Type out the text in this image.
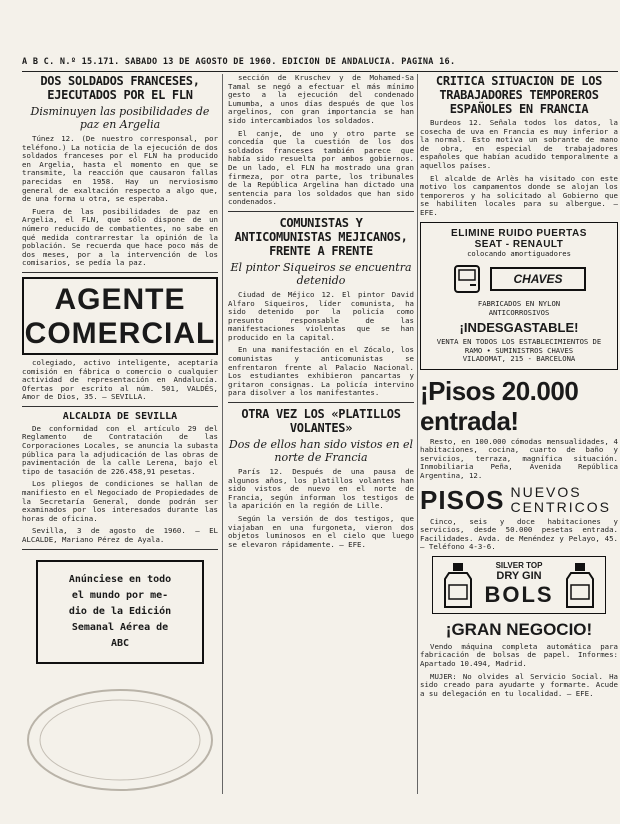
A B C. N.º 15.171. SABADO 13 DE AGOSTO DE 1960. EDICION DE ANDALUCIA. PAGINA 16.
DOS SOLDADOS FRANCESES, EJECUTADOS POR EL FLN
Disminuyen las posibilidades de paz en Argelia

Túnez 12. (De nuestro corresponsal, por teléfono.) La noticia de la ejecución de dos soldados franceses por el FLN ha producido en Argelia, hasta el momento en que se transmite, la reacción que causaron fallas parecidas en 1958. Hay un nerviosismo general de exaltación respecto a algo que, de una forma u otra, se esperaba.

Fuera de las posibilidades de paz en Argelia, el FLN, que sólo dispone de un número reducido de combatientes, no sabe en qué medida contrarrestar la opinión de la población. Se recuerda que hace poco más de dos meses, por a la intervención de los comisarios, se pedía la paz.

AGENTE
COMERCIAL

colegiado, activo inteligente, aceptaría comisión en fábrica o comercio o cualquier actividad de representación en Andalucía. Ofertas por escrito al núm. 501, VALDÉS, Amor de Dios, 35. — SEVILLA.

ALCALDIA DE SEVILLA

De conformidad con el artículo 29 del Reglamento de Contratación de las Corporaciones Locales, se anuncia la subasta pública para la adjudicación de las obras de pavimentación de la calle Lerena, bajo el tipo de tasación de 226.458,91 pesetas.

Los pliegos de condiciones se hallan de manifiesto en el Negociado de Propiedades de la Secretaría General, donde podrán ser examinados por los interesados durante las horas de oficina.

Sevilla, 3 de agosto de 1960. — EL ALCALDE, Mariano Pérez de Ayala.

Anúnciese en todo
el mundo por me-
dio de la Edición
Semanal Aérea de
ABC

sección de Kruschev y de Mohamed-Sa Tamal se negó a efectuar el más mínimo gesto a la ejecución del condenado Lumumba, a unos días después de que los argelinos, con gran importancia se han sido intercambiados los soldados.

El canje, de uno y otro parte se concedía que la cuestión de los dos soldados franceses también parece que había sido resuelta por ambos gobiernos. De un lado, el FLN ha mostrado una gran firmeza, por otra parte, los tribunales de la República Argelina han dictado una sentencia para los soldados que han sido condenados.

COMUNISTAS Y ANTICOMUNISTAS MEJICANOS, FRENTE A FRENTE
El pintor Siqueiros se encuentra detenido

Ciudad de Méjico 12. El pintor David Alfaro Siqueiros, líder comunista, ha sido detenido por la policía como presunto responsable de las manifestaciones violentas que se han producido en la capital.

En una manifestación en el Zócalo, los comunistas y anticomunistas se enfrentaron frente al Palacio Nacional. Los estudiantes exhibieron pancartas y gritaron consignas. La policía intervino para disolver a los manifestantes.

OTRA VEZ LOS «PLATILLOS VOLANTES»
Dos de ellos han sido vistos en el norte de Francia

París 12. Después de una pausa de algunos años, los platillos volantes han sido vistos de nuevo en el norte de Francia, según informan los testigos de la aparición en la región de Lille.

Según la versión de dos testigos, que viajaban en una furgoneta, vieron dos objetos luminosos en el cielo que luego se elevaron rápidamente. — EFE.

CRITICA SITUACION DE LOS TRABAJADORES TEMPOREROS ESPAÑOLES EN FRANCIA

Burdeos 12. Señala todos los datos, la cosecha de uva en Francia es muy inferior a la normal. Esto motiva un sobrante de mano de obra, en especial de trabajadores españoles que habían acudido temporalmente a aquellos países.

El alcalde de Arlès ha visitado con este motivo los campamentos donde se alojan los temporeros y ha solicitado al Gobierno que se habiliten locales para su albergue. — EFE.

ELIMINE RUIDO PUERTAS
SEAT - RENAULT
colocando amortiguadores
CHAVES
FABRICADOS EN NYLON
ANTICORROSIVOS
¡INDESGASTABLE!
VENTA EN TODOS LOS ESTABLECIMIENTOS DE RAMO • SUMINISTROS CHAVES
VILADOMAT, 215 - BARCELONA
¡Pisos 20.000 entrada!

Resto, en 100.000 cómodas mensualidades, 4 habitaciones, cocina, cuarto de baño y servicios, terraza, magnífica situación. Inmobiliaria Peña, Avenida República Argentina, 12.

PISOS NUEVOS
CENTRICOS

Cinco, seis y doce habitaciones y servicios, desde 50.000 pesetas entrada. Facilidades. Avda. de Menéndez y Pelayo, 45. — Teléfono 4-3-6.

SILVER TOP
DRY GIN
BOLS
¡GRAN NEGOCIO!

Vendo máquina completa automática para fabricación de bolsas de papel. Informes: Apartado 10.494, Madrid.

MUJER: No olvides al Servicio Social. Ha sido creado para ayudarte y formarte. Acude a su delegación en tu localidad. — EFE.
